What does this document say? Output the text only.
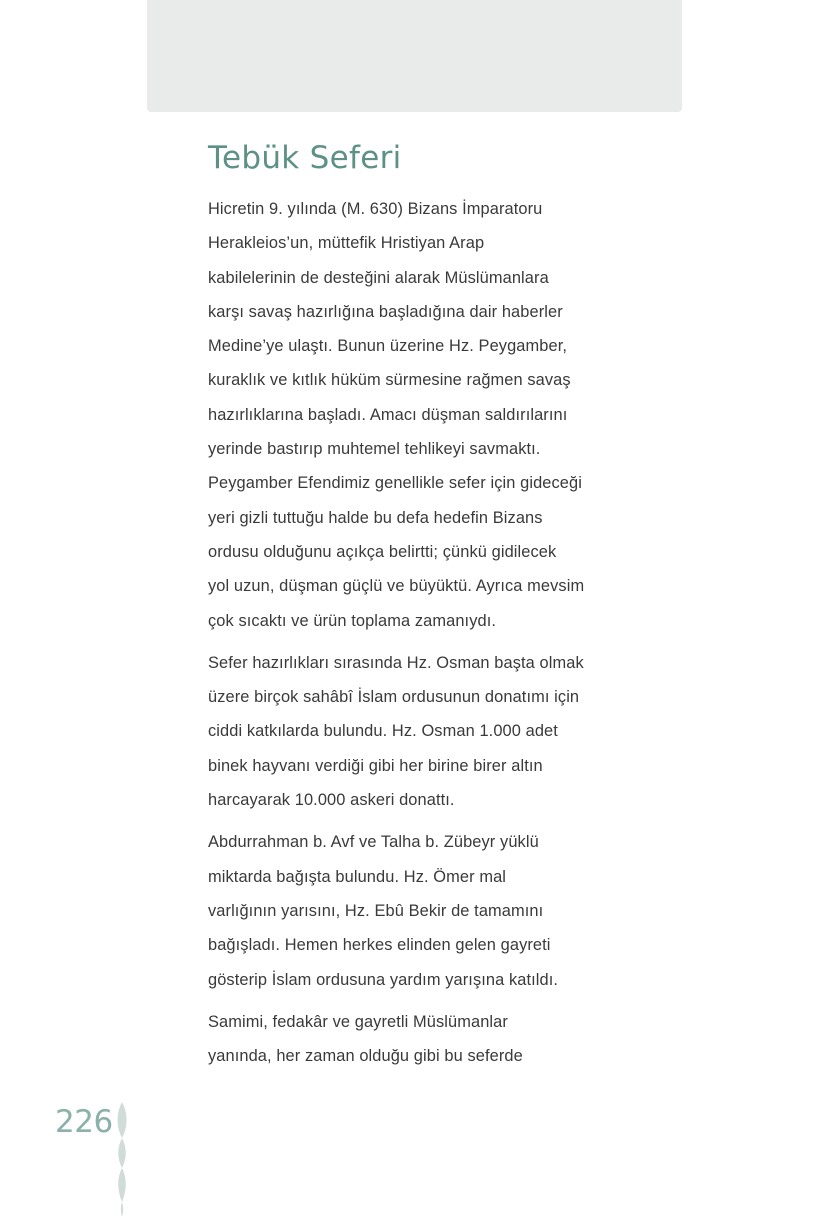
Tebük Seferi

Hicretin 9. yılında (M. 630) Bizans İmparatoru
Herakleios’un, müttefik Hristiyan Arap
kabilelerinin de desteğini alarak Müslümanlara
karşı savaş hazırlığına başladığına dair haberler
Medine’ye ulaştı. Bunun üzerine Hz. Peygamber,
kuraklık ve kıtlık hüküm sürmesine rağmen savaş
hazırlıklarına başladı. Amacı düşman saldırılarını
yerinde bastırıp muhtemel tehlikeyi savmaktı.
Peygamber Efendimiz genellikle sefer için gideceği
yeri gizli tuttuğu halde bu defa hedefin Bizans
ordusu olduğunu açıkça belirtti; çünkü gidilecek
yol uzun, düşman güçlü ve büyüktü. Ayrıca mevsim
çok sıcaktı ve ürün toplama zamanıydı.

Sefer hazırlıkları sırasında Hz. Osman başta olmak
üzere birçok sahâbî İslam ordusunun donatımı için
ciddi katkılarda bulundu. Hz. Osman 1.000 adet
binek hayvanı verdiği gibi her birine birer altın
harcayarak 10.000 askeri donattı.

Abdurrahman b. Avf ve Talha b. Zübeyr yüklü
miktarda bağışta bulundu. Hz. Ömer mal
varlığının yarısını, Hz. Ebû Bekir de tamamını
bağışladı. Hemen herkes elinden gelen gayreti
gösterip İslam ordusuna yardım yarışına katıldı.

Samimi, fedakâr ve gayretli Müslümanlar
yanında, her zaman olduğu gibi bu seferde

226
